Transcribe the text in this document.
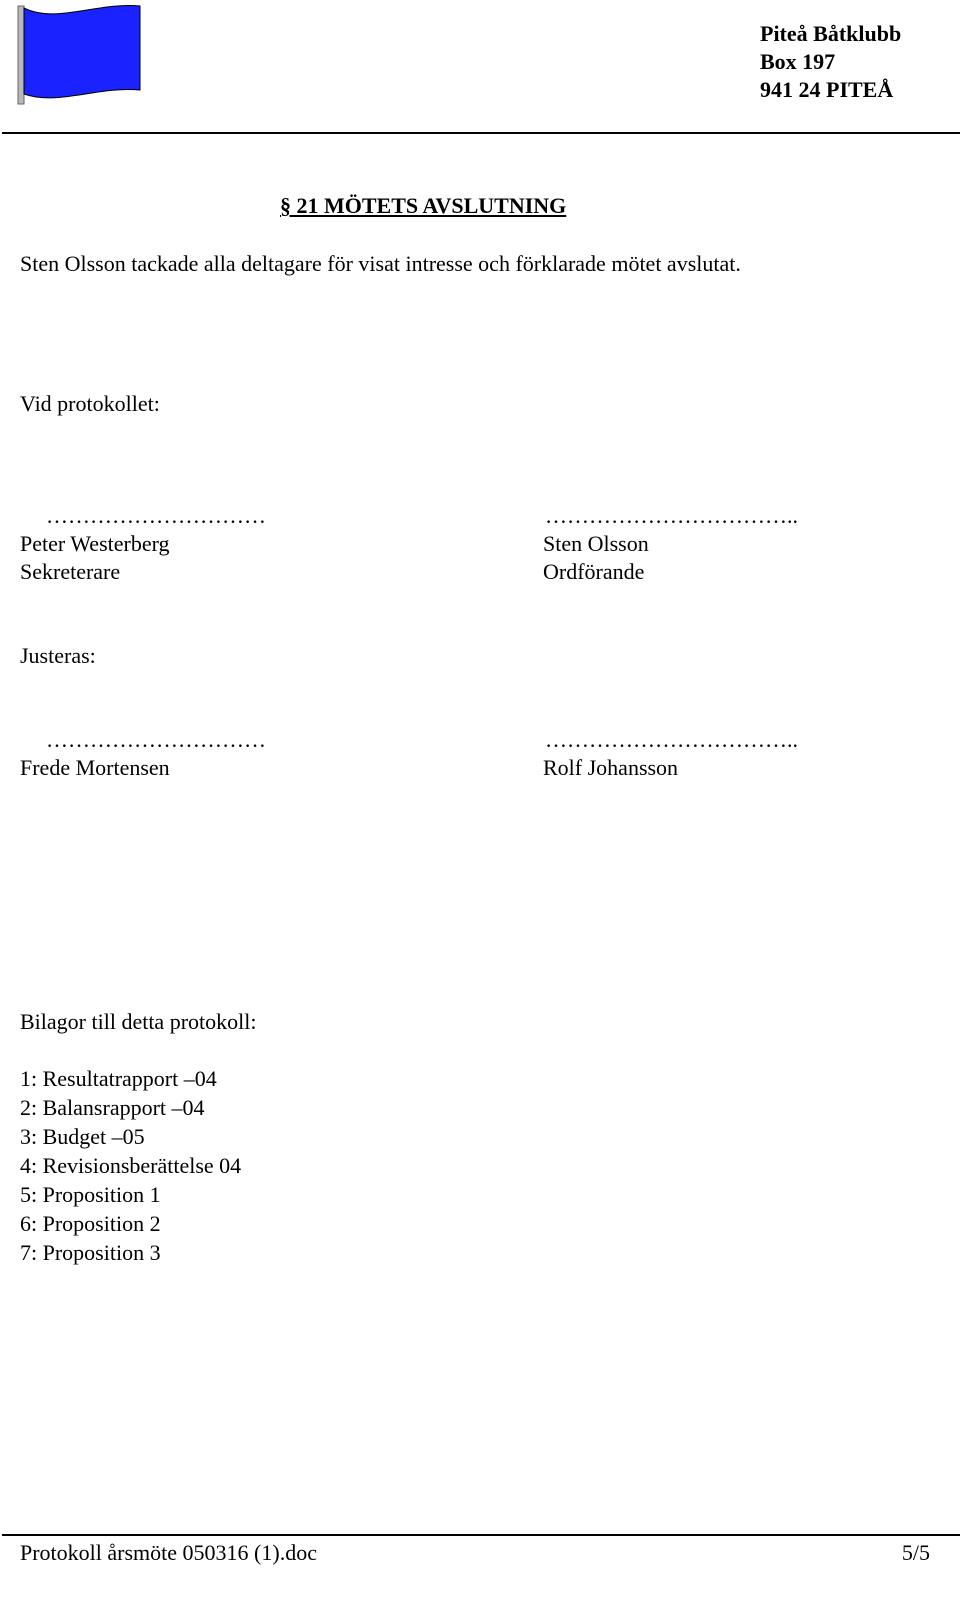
Piteå Båtklubb
Box 197
941 24 PITEÅ
§ 21 MÖTETS AVSLUTNING
Sten Olsson tackade alla deltagare för visat intresse och förklarade mötet avslutat.
Vid protokollet:
…………………………
Peter Westerberg
Sekreterare
……………………………..
Sten Olsson
Ordförande
Justeras:
…………………………
Frede Mortensen
……………………………..
Rolf Johansson
Bilagor till detta protokoll:
1: Resultatrapport –04
2: Balansrapport –04
3: Budget –05
4: Revisionsberättelse 04
5: Proposition 1
6: Proposition 2
7: Proposition 3
Protokoll årsmöte 050316 (1).doc	5/5
